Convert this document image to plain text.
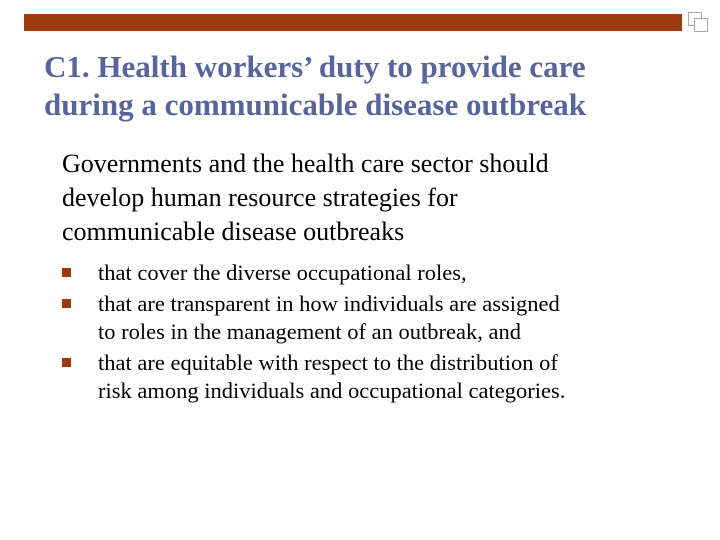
C1. Health workers’ duty to provide care
during a communicable disease outbreak

Governments and the health care sector should
develop human resource strategies for
communicable disease outbreaks

that cover the diverse occupational roles,
that are transparent in how individuals are assigned
to roles in the management of an outbreak, and
that are equitable with respect to the distribution of
risk among individuals and occupational categories.
